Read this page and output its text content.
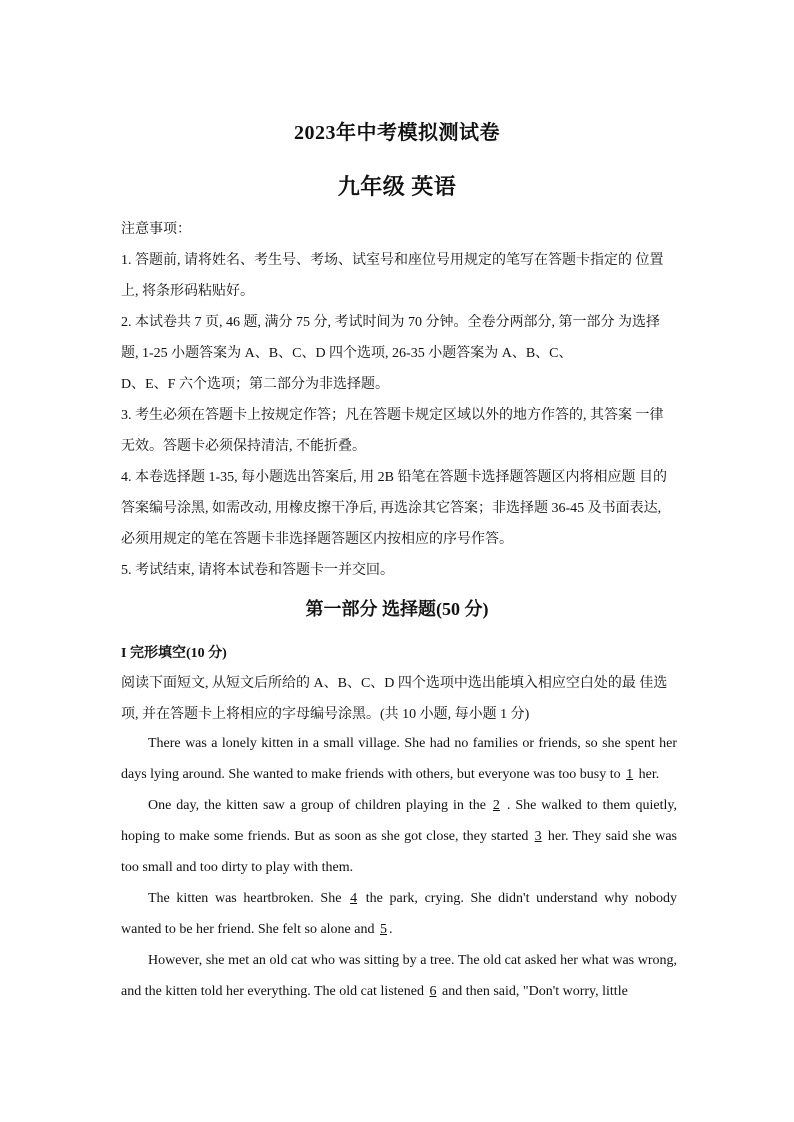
2023年中考模拟测试卷
九年级 英语

注意事项：

1. 答题前, 请将姓名、考生号、考场、试室号和座位号用规定的笔写在答题卡指定的 位置上, 将条形码粘贴好。

2. 本试卷共 7 页, 46 题, 满分 75 分, 考试时间为 70 分钟。全卷分两部分, 第一部分 为选择题, 1-25 小题答案为 A、B、C、D 四个选项, 26-35 小题答案为 A、B、C、

D、E、F 六个选项；第二部分为非选择题。

3. 考生必须在答题卡上按规定作答；凡在答题卡规定区域以外的地方作答的, 其答案 一律无效。答题卡必须保持清洁, 不能折叠。

4. 本卷选择题 1-35, 每小题选出答案后, 用 2B 铅笔在答题卡选择题答题区内将相应题 目的答案编号涂黑, 如需改动, 用橡皮擦干净后, 再选涂其它答案；非选择题 36-45 及书面表达, 必须用规定的笔在答题卡非选择题答题区内按相应的序号作答。

5. 考试结束, 请将本试卷和答题卡一并交回。

第一部分 选择题(50 分)
I 完形填空(10 分)

阅读下面短文, 从短文后所给的 A、B、C、D 四个选项中选出能填入相应空白处的最 佳选项, 并在答题卡上将相应的字母编号涂黑。(共 10 小题, 每小题 1 分)

There was a lonely kitten in a small village. She had no families or friends, so she spent her days lying around. She wanted to make friends with others, but everyone was too busy to 1 her.

One day, the kitten saw a group of children playing in the 2 . She walked to them quietly, hoping to make some friends. But as soon as she got close, they started 3 her. They said she was too small and too dirty to play with them.

The kitten was heartbroken. She 4 the park, crying. She didn't understand why nobody wanted to be her friend. She felt so alone and 5 .

However, she met an old cat who was sitting by a tree. The old cat asked her what was wrong, and the kitten told her everything. The old cat listened 6 and then said, "Don't worry, little
